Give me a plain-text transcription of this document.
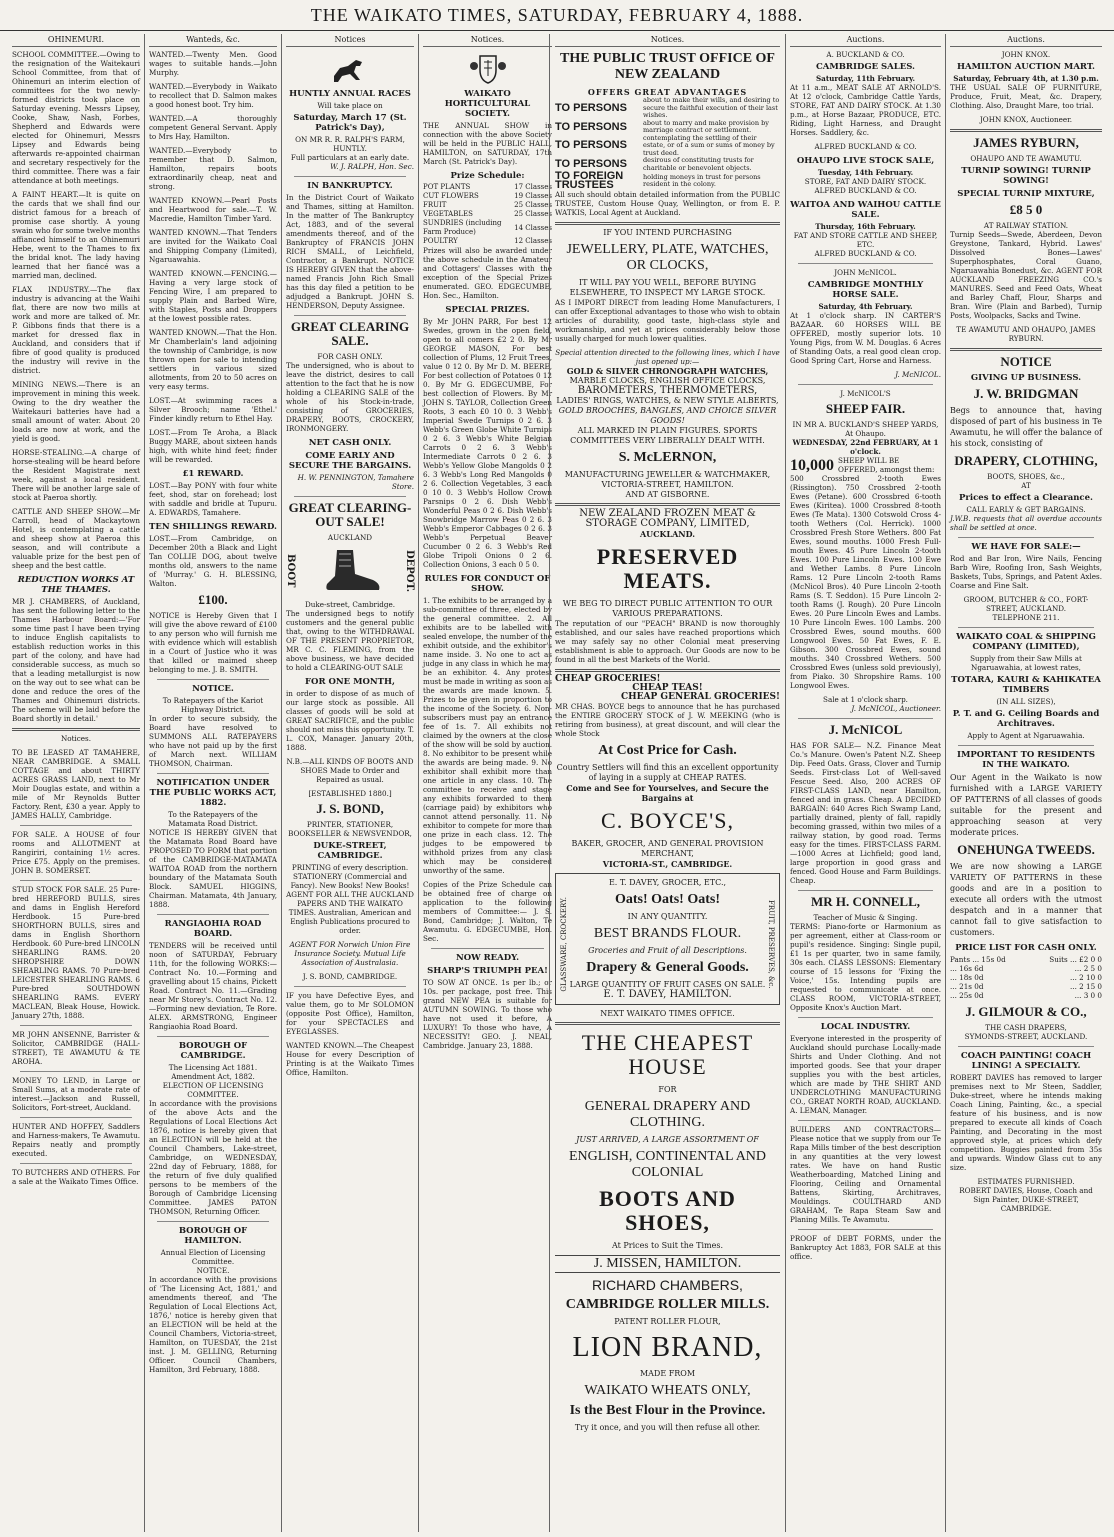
THE WAIKATO TIMES, SATURDAY, FEBRUARY 4, 1888.
OHINEMURI.
SCHOOL COMMITTEE.—Owing to the resignation of the Waitekauri School Committee, from that of Ohinemuri an interim election of committees for the two newly-formed districts took place on Saturday evening. Messrs Lipsey, Cooke, Shaw, Nash, Forbes, Shepherd and Edwards were elected for Ohinemuri, Messrs Lipsey and Edwards being afterwards re-appointed chairman and secretary respectively for the third committee. There was a fair attendance at both meetings.
A FAINT HEART.—It is quite on the cards that we shall find our district famous for a breach of promise case shortly. A young swain who for some twelve months affianced himself to an Ohinemuri Hebe, went to the Thames to fix the bridal knot. The lady having learned that her fiancé was a married man, declined.
FLAX INDUSTRY.—The flax industry is advancing at the Waihi flat, there are now two mills at work and more are talked of. Mr. P. Gibbons finds that there is a market for dressed flax in Auckland, and considers that if fibre of good quality is produced the industry will revive in the district.
MINING NEWS.—There is an improvement in mining this week. Owing to the dry weather the Waitekauri batteries have had a small amount of water. About 20 loads are now at work, and the yield is good.
HORSE-STEALING.—A charge of horse-stealing will be heard before the Resident Magistrate next week, against a local resident. There will be another large sale of stock at Paeroa shortly.
CATTLE AND SHEEP SHOW.—Mr Carroll, head of Mackaytown Hotel, is contemplating a cattle and sheep show at Paeroa this season, and will contribute a valuable prize for the best pen of sheep and the best cattle.
REDUCTION WORKS AT THE THAMES.
MR J. CHAMBERS, of Auckland, has sent the following letter to the Thames Harbour Board:—'For some time past I have been trying to induce English capitalists to establish reduction works in this part of the colony, and have had considerable success, as much so that a leading metallurgist is now on the way out to see what can be done and reduce the ores of the Thames and Ohinemuri districts. The scheme will be laid before the Board shortly in detail.'
Notices.
TO BE LEASED AT TAMAHERE, NEAR CAMBRIDGE. A SMALL COTTAGE and about THIRTY ACRES GRASS LAND, next to Mr Moir Douglas estate, and within a mile of Mr Reynolds Butter Factory. Rent, £30 a year. Apply to JAMES HALLY, Cambridge.
FOR SALE. A HOUSE of four rooms and ALLOTMENT at Rangiriri, containing 1½ acres. Price £75. Apply on the premises. JOHN B. SOMERSET.
STUD STOCK FOR SALE. 25 Pure-bred HEREFORD BULLS, sires and dams in English Hereford Herdbook. 15 Pure-bred SHORTHORN BULLS, sires and dams in English Shorthorn Herdbook. 60 Pure-bred LINCOLN SHEARLING RAMS. 20 SHROPSHIRE DOWN SHEARLING RAMS. 70 Pure-bred LEICESTER SHEARLING RAMS. 6 Pure-bred SOUTHDOWN SHEARLING RAMS. EVERY MACLEAN, Bleak House, Howick. January 27th, 1888.
MR JOHN ANSENNE, Barrister & Solicitor, CAMBRIDGE (HALL-STREET), TE AWAMUTU & TE AROHA.
MONEY TO LEND, in Large or Small Sums, at a moderate rate of interest.—Jackson and Russell, Solicitors, Fort-street, Auckland.
HUNTER AND HOFFEY, Saddlers and Harness-makers, Te Awamutu. Repairs neatly and promptly executed.
TO BUTCHERS AND OTHERS. For a sale at the Waikato Times Office.
Wanteds, &c.
WANTED.—Twenty Men. Good wages to suitable hands.—John Murphy.
WANTED.—Everybody in Waikato to recollect that D. Salmon makes a good honest boot. Try him.
WANTED.—A thoroughly competent General Servant. Apply to Mrs Hay, Hamilton.
WANTED.—Everybody to remember that D. Salmon, Hamilton, repairs boots extraordinarily cheap, neat and strong.
WANTED KNOWN.—Pearl Posts and Heartwood for sale.—T. W. Macredie, Hamilton Timber Yard.
WANTED KNOWN.—That Tenders are invited for the Waikato Coal and Shipping Company (Limited), Ngaruawahia.
WANTED KNOWN.—FENCING.—Having a very large stock of Fencing Wire, I am prepared to supply Plain and Barbed Wire, with Staples, Posts and Droppers at the lowest possible rates.
WANTED KNOWN.—That the Hon. Mr Chamberlain's land adjoining the township of Cambridge, is now thrown open for sale to intending settlers in various sized allotments, from 20 to 50 acres on very easy terms.
LOST.—At swimming races a Silver Brooch; name 'Ethel.' Finder kindly return to Ethel Hay.
LOST.—From Te Aroha, a Black Buggy MARE, about sixteen hands high, with white hind feet; finder will be rewarded.
£1 REWARD.
LOST.—Bay PONY with four white feet, shod, star on forehead; lost with saddle and bridle at Tupuru. A. EDWARDS, Tamahere.
TEN SHILLINGS REWARD.
LOST.—From Cambridge, on December 20th a Black and Light Tan COLLIE DOG, about twelve months old, answers to the name of 'Murray.' G. H. BLESSING, Walton.
£100.
NOTICE is Hereby Given that I will give the above reward of £100 to any person who will furnish me with evidence which will establish in a Court of Justice who it was that killed or maimed sheep belonging to me. J. B. SMITH.
NOTICE.
To Ratepayers of the Kariot Highway District.
In order to secure subsidy, the Board have resolved to SUMMONS ALL RATEPAYERS who have not paid up by the first of March next. WILLIAM THOMSON, Chairman.
NOTIFICATION UNDER THE PUBLIC WORKS ACT, 1882.
To the Ratepayers of the Matamata Road District.
NOTICE IS HEREBY GIVEN that the Matamata Road Board have PROPOSED TO FORM that portion of the CAMBRIDGE-MATAMATA WAITOA ROAD from the northern boundary of the Matamata South Block. SAMUEL HIGGINS, Chairman. Matamata, 4th January, 1888.
RANGIAOHIA ROAD BOARD.
TENDERS will be received until noon of SATURDAY, February 11th, for the following WORKS:— Contract No. 10.—Forming and gravelling about 15 chains, Pickett Road. Contract No. 11.—Grading near Mr Storey's. Contract No. 12.—Forming new deviation, Te Rore. ALEX. ARMSTRONG, Engineer Rangiaohia Road Board.
BOROUGH OF CAMBRIDGE.
The Licensing Act 1881. Amendment Act, 1882.
ELECTION OF LICENSING COMMITTEE.
In accordance with the provisions of the above Acts and the Regulations of Local Elections Act 1876, notice is hereby given that an ELECTION will be held at the Council Chambers, Lake-street, Cambridge, on WEDNESDAY, 22nd day of February, 1888, for the return of five duly qualified persons to be members of the Borough of Cambridge Licensing Committee. JAMES PATON THOMSON, Returning Officer.
BOROUGH OF HAMILTON.
Annual Election of Licensing Committee.
NOTICE.
In accordance with the provisions of 'The Licensing Act, 1881,' and amendments thereof, and 'The Regulation of Local Elections Act, 1876,' notice is hereby given that an ELECTION will be held at the Council Chambers, Victoria-street, Hamilton, on TUESDAY, the 21st inst. J. M. GELLING, Returning Officer. Council Chambers, Hamilton, 3rd February, 1888.
Notices
HUNTLY ANNUAL RACES
Will take place on
Saturday, March 17 (St. Patrick's Day),
ON MR R. R. RALPH'S FARM, HUNTLY.
Full particulars at an early date.
W. J. RALPH, Hon. Sec.
IN BANKRUPTCY.
In the District Court of Waikato and Thames, sitting at Hamilton. In the matter of The Bankruptcy Act, 1883, and of the several amendments thereof, and of the Bankruptcy of FRANCIS JOHN RICH SMALL, of Leichfield, Contractor, a Bankrupt. NOTICE IS HEREBY GIVEN that the above-named Francis John Rich Small has this day filed a petition to be adjudged a Bankrupt. JOHN S. HENDERSON, Deputy Assignee.
GREAT CLEARING SALE.
FOR CASH ONLY.
The undersigned, who is about to leave the district, desires to call attention to the fact that he is now holding a CLEARING SALE of the whole of his Stock-in-trade, consisting of GROCERIES, DRAPERY, BOOTS, CROCKERY, IRONMONGERY.
NET CASH ONLY.
COME EARLY AND SECURE THE BARGAINS.
H. W. PENNINGTON, Tamahere Store.
GREAT CLEARING-OUT SALE!
AUCKLAND
BOOT	DEPOT.
Duke-street, Cambridge.
The undersigned begs to notify customers and the general public that, owing to the WITHDRAWAL OF THE PRESENT PROPRIETOR, MR C. C. FLEMING, from the above business, we have decided to hold a CLEARING-OUT SALE
FOR ONE MONTH,
in order to dispose of as much of our large stock as possible. All classes of goods will be sold at GREAT SACRIFICE, and the public should not miss this opportunity. T. L. COX, Manager. January 20th, 1888.
N.B.—ALL KINDS OF BOOTS AND SHOES Made to Order and Repaired as usual.
[ESTABLISHED 1880.]
J. S. BOND,
PRINTER, STATIONER, BOOKSELLER & NEWSVENDOR,
DUKE-STREET, CAMBRIDGE.
PRINTING of every description. STATIONERY (Commercial and Fancy). New Books! New Books! AGENT FOR ALL THE AUCKLAND PAPERS AND THE WAIKATO TIMES. Australian, American and English Publications procured to order.
AGENT FOR Norwich Union Fire Insurance Society. Mutual Life Association of Australasia.
J. S. BOND, CAMBRIDGE.
IF you have Defective Eyes, and value them, go to Mr SOLOMON (opposite Post Office), Hamilton, for your SPECTACLES and EYEGLASSES.
WANTED KNOWN.—The Cheapest House for every Description of Printing is at the Waikato Times Office, Hamilton.
Notices.
WAIKATO HORTICULTURAL SOCIETY.
THE ANNUAL SHOW in connection with the above Society will be held in the PUBLIC HALL, HAMILTON, on SATURDAY, 17th March (St. Patrick's Day).
Prize Schedule:
POT PLANTS	17 Classes
CUT FLOWERS	19 Classes
FRUIT	25 Classes
VEGETABLES	25 Classes
SUNDRIES (including Farm Produce)	14 Classes
POULTRY	12 Classes
Prizes will also be awarded under the above schedule in the Amateur and Cottagers' Classes with the exception of the Special Prizes enumerated. GEO. EDGECUMBE, Hon. Sec., Hamilton.
SPECIAL PRIZES.
By Mr JOHN PARR, For best 12 Swedes, grown in the open field, open to all comers £2 2 0. By Mr GEORGE MASON, For best collection of Plums, 12 Fruit Trees, value 0 12 0. By Mr D. M. BEERE, For best collection of Potatoes 0 12 0. By Mr G. EDGECUMBE, For best collection of Flowers. By Mr JOHN S. TAYLOR, Collection Green Roots, 3 each £0 10 0. 3 Webb's Imperial Swede Turnips 0 2 6. 3 Webb's Green Globe White Turnips 0 2 6. 3 Webb's White Belgian Carrots 0 2 6. 3 Webb's Intermediate Carrots 0 2 6. 3 Webb's Yellow Globe Mangolds 0 2 6. 3 Webb's Long Red Mangolds 0 2 6. Collection Vegetables, 3 each 0 10 0. 3 Webb's Hollow Crown Parsnips 0 2 6. Dish Webb's Wonderful Peas 0 2 6. Dish Webb's Snowbridge Marrow Peas 0 2 6. 3 Webb's Emperor Cabbages 0 2 6. 3 Webb's Perpetual Beaver Cucumber 0 2 6. 3 Webb's Red Globe Tripoli Onions 0 2 6. Collection Onions, 3 each 0 5 0.
RULES FOR CONDUCT OF SHOW.
1. The exhibits to be arranged by a sub-committee of three, elected by the general committee. 2. All exhibits are to be labelled with sealed envelope, the number of the exhibit outside, and the exhibitor's name inside. 3. No one to act as judge in any class in which he may be an exhibitor. 4. Any protest must be made in writing as soon as the awards are made known. 5. Prizes to be given in proportion to the income of the Society. 6. Non-subscribers must pay an entrance fee of 1s. 7. All exhibits not claimed by the owners at the close of the show will be sold by auction. 8. No exhibitor to be present while the awards are being made. 9. No exhibitor shall exhibit more than one article in any class. 10. The committee to receive and stage any exhibits forwarded to them (carriage paid) by exhibitors who cannot attend personally. 11. No exhibitor to compete for more than one prize in each class. 12. The judges to be empowered to withhold prizes from any class which may be considered unworthy of the same.
Copies of the Prize Schedule can be obtained free of charge on application to the following members of Committee:— J. S. Bond, Cambridge; J. Walton, Te Awamutu. G. EDGECUMBE, Hon. Sec.
NOW READY.
SHARP'S TRIUMPH PEA!
TO SOW AT ONCE. 1s per lb.; or 10s. per package, post free. This grand NEW PEA is suitable for AUTUMN SOWING. To those who have not used it before, A LUXURY! To those who have, A NECESSITY! GEO. J. NEAL, Cambridge. January 23, 1888.
Notices.
THE PUBLIC TRUST OFFICE OF NEW ZEALAND
OFFERS GREAT ADVANTAGES
TO PERSONS
about to make their wills, and desiring to secure the faithful execution of their last wishes.
TO PERSONS	about to marry and make provision by marriage contract or settlement.
TO PERSONS
contemplating the settling of their estate, or of a sum or sums of money by trust deed.
TO PERSONS	desirous of constituting trusts for charitable or benevolent objects.
TO FOREIGN TRUSTEES
holding moneys in trust for persons resident in the colony.
All such should obtain detailed information from the PUBLIC TRUSTEE, Custom House Quay, Wellington, or from E. P. WATKIS, Local Agent at Auckland.
IF YOU INTEND PURCHASING
JEWELLERY, PLATE, WATCHES, OR CLOCKS,
IT WILL PAY YOU WELL, BEFORE BUYING ELSEWHERE, TO INSPECT MY LARGE STOCK.
AS I IMPORT DIRECT from leading Home Manufacturers, I can offer Exceptional advantages to those who wish to obtain articles of durability, good taste, high-class style and workmanship, and yet at prices considerably below those usually charged for much lower qualities.
Special attention directed to the following lines, which I have just opened up:—
GOLD & SILVER CHRONOGRAPH WATCHES,
MARBLE CLOCKS, ENGLISH OFFICE CLOCKS,
BAROMETERS, THERMOMETERS,
LADIES' RINGS, WATCHES, & NEW STYLE ALBERTS,
GOLD BROOCHES, BANGLES, AND CHOICE SILVER GOODS!
ALL MARKED IN PLAIN FIGURES. SPORTS COMMITTEES VERY LIBERALLY DEALT WITH.
S. McLERNON,
MANUFACTURING JEWELLER & WATCHMAKER,
VICTORIA-STREET, HAMILTON.
AND AT GISBORNE.
NEW ZEALAND FROZEN MEAT & STORAGE COMPANY, LIMITED,
AUCKLAND.
PRESERVED MEATS.
WE BEG TO DIRECT PUBLIC ATTENTION TO OUR VARIOUS PREPARATIONS.
The reputation of our "PEACH" BRAND is now thoroughly established, and our sales have reached proportions which we may safely say no other Colonial meat preserving establishment is able to approach. Our Goods are now to be found in all the best Markets of the World.
CHEAP GROCERIES!
CHEAP TEAS!
CHEAP GENERAL GROCERIES!
MR CHAS. BOYCE begs to announce that he has purchased the ENTIRE GROCERY STOCK of J. W. MEEKING (who is retiring from business), at great discount, and will clear the whole Stock
At Cost Price for Cash.
Country Settlers will find this an excellent opportunity of laying in a supply at CHEAP RATES.
Come and See for Yourselves, and Secure the Bargains at
C. BOYCE'S,
BAKER, GROCER, AND GENERAL PROVISION MERCHANT,
VICTORIA-ST., CAMBRIDGE.
E. T. DAVEY, GROCER, ETC.,
GLASSWARE, CROCKERY.	Oats! Oats! Oats!
IN ANY QUANTITY.
BEST BRANDS FLOUR.
Groceries and Fruit of all Descriptions.
Drapery & General Goods.
LARGE QUANTITY OF FRUIT CASES ON SALE.
E. T. DAVEY, HAMILTON.
FRUIT, PRESERVES, &c.
NEXT WAIKATO TIMES OFFICE.
THE CHEAPEST HOUSE
FOR
GENERAL DRAPERY AND CLOTHING.
JUST ARRIVED, A LARGE ASSORTMENT OF
ENGLISH, CONTINENTAL AND COLONIAL
BOOTS AND SHOES,
At Prices to Suit the Times.
J. MISSEN, HAMILTON.
RICHARD CHAMBERS,
CAMBRIDGE ROLLER MILLS.
PATENT ROLLER FLOUR,
LION BRAND,
MADE FROM
WAIKATO WHEATS ONLY,
Is the Best Flour in the Province.
Try it once, and you will then refuse all other.
Auctions.
A. BUCKLAND & CO.
CAMBRIDGE SALES.
Saturday, 11th February.
At 11 a.m., MEAT SALE AT ARNOLD'S. At 12 o'clock, Cambridge Cattle Yards, STORE, FAT AND DAIRY STOCK. At 1.30 p.m., at Horse Bazaar, PRODUCE, ETC. Riding, Light Harness, and Draught Horses. Saddlery, &c.
ALFRED BUCKLAND & CO.
OHAUPO LIVE STOCK SALE,
Tuesday, 14th February.
STORE, FAT AND DAIRY STOCK.
ALFRED BUCKLAND & CO.
WAITOA AND WAIHOU CATTLE SALE.
Thursday, 16th February.
FAT AND STORE CATTLE AND SHEEP, ETC.
ALFRED BUCKLAND & CO.
JOHN McNICOL.
CAMBRIDGE MONTHLY HORSE SALE.
Saturday, 4th February.
At 1 o'clock sharp. IN CARTER'S BAZAAR. 60 HORSES WILL BE OFFERED, mostly superior lots. 10 Young Pigs, from W. M. Douglas. 6 Acres of Standing Oats, a real good clean crop. Good Spring Cart, Horse and Harness.
J. McNICOL.
J. McNICOL'S
SHEEP FAIR.
IN MR A. BUCKLAND'S SHEEP YARDS, At Ohaupo.
WEDNESDAY, 22nd FEBRUARY, At 1 o'clock.
10,000 SHEEP WILL BE OFFERED, amongst them:
500 Crossbred 2-tooth Ewes (Rissington). 750 Crossbred 2-tooth Ewes (Petane). 600 Crossbred 6-tooth Ewes (Kiritea). 1000 Crossbred 8-tooth Ewes (Te Mata). 1300 Cotswold Cross 4-tooth Wethers (Col. Herrick). 1000 Crossbred Fresh Store Wethers. 800 Fat Ewes, sound mouths. 1000 Fresh Full-mouth Ewes. 45 Pure Lincoln 2-tooth Ewes. 100 Pure Lincoln Ewes. 100 Ewe and Wether Lambs. 8 Pure Lincoln Rams. 12 Pure Lincoln 2-tooth Rams (McNicol Bros). 40 Pure Lincoln 2-tooth Rams (S. T. Seddon). 15 Pure Lincoln 2-tooth Rams (J. Rough). 20 Pure Lincoln Ewes. 20 Pure Lincoln Ewes and Lambs. 10 Pure Lincoln Ewes. 100 Lambs. 200 Crossbred Ewes, sound mouths. 600 Longwool Ewes. 50 Fat Ewes, F. E. Gibson. 300 Crossbred Ewes, sound mouths. 340 Crossbred Wethers. 500 Crossbred Ewes (unless sold previously), from Piako. 30 Shropshire Rams. 100 Longwool Ewes.
Sale at 1 o'clock sharp.
J. McNICOL, Auctioneer.
J. McNICOL
HAS FOR SALE— N.Z. Finance Meat Co.'s Manure. Owen's Patent N.Z. Sheep Dip. Feed Oats. Grass, Clover and Turnip Seeds. First-class Lot of Well-saved Fescue Seed. Also, 200 ACRES OF FIRST-CLASS LAND, near Hamilton, fenced and in grass. Cheap. A DECIDED BARGAIN: 640 Acres Rich Swamp Land, partially drained, plenty of fall, rapidly becoming grassed, within two miles of a railway station, by good road. Terms easy for the times. FIRST-CLASS FARM.—1000 Acres at Lichfield; good land, large proportion in good grass and fenced. Good House and Farm Buildings. Cheap.
MR H. CONNELL,
Teacher of Music & Singing.
TERMS: Piano-forte or Harmonium as per agreement, either at Class-room or pupil's residence. Singing: Single pupil, £1 1s per quarter, two in same family, 30s each. CLASS LESSONS: Elementary course of 15 lessons for 'Fixing the Voice,' 15s. Intending pupils are requested to communicate at once. CLASS ROOM, VICTORIA-STREET, Opposite Knox's Auction Mart.
LOCAL INDUSTRY.
Everyone interested in the prosperity of Auckland should purchase Locally-made Shirts and Under Clothing. And not imported goods. See that your draper supplies you with the best articles, which are made by THE SHIRT AND UNDERCLOTHING MANUFACTURING CO., GREAT NORTH ROAD, AUCKLAND. A. LEMAN, Manager.
BUILDERS AND CONTRACTORS—Please notice that we supply from our Te Rapa Mills timber of the best description in any quantities at the very lowest rates. We have on hand Rustic Weatherboarding, Matched Lining and Flooring, Ceiling and Ornamental Battens, Skirting, Architraves, Mouldings. COULTHARD AND GRAHAM, Te Rapa Steam Saw and Planing Mills. Te Awamutu.
PROOF of DEBT FORMS, under the Bankruptcy Act 1883, FOR SALE at this office.
Auctions.
JOHN KNOX.
HAMILTON AUCTION MART.
Saturday, February 4th, at 1.30 p.m.
THE USUAL SALE OF FURNITURE, Produce, Fruit, Meat, &c. Drapery, Clothing. Also, Draught Mare, too trial.
JOHN KNOX, Auctioneer.
JAMES RYBURN,
OHAUPO AND TE AWAMUTU.
TURNIP SOWING! TURNIP SOWING!
SPECIAL TURNIP MIXTURE,
£8 5 0
AT RAILWAY STATION.
Turnip Seeds—Swede, Aberdeen, Devon Greystone, Tankard, Hybrid. Lawes' Dissolved Bones—Lawes' Superphosphates, Coral Guano, Ngaruawahia Bonedust, &c. AGENT FOR AUCKLAND FREEZING CO.'s MANURES. Seed and Feed Oats, Wheat and Barley Chaff, Flour, Sharps and Bran. Wire (Plain and Barbed), Turnip Posts, Woolpacks, Sacks and Twine.
TE AWAMUTU AND OHAUPO, JAMES RYBURN.
NOTICE
GIVING UP BUSINESS.
J. W. BRIDGMAN
Begs to announce that, having disposed of part of his business in Te Awamutu, he will offer the balance of his stock, consisting of
DRAPERY, CLOTHING,
BOOTS, SHOES, &c.,
AT
Prices to effect a Clearance.
CALL EARLY & GET BARGAINS.
J.W.B. requests that all overdue accounts shall be settled at once.
WE HAVE FOR SALE:—
Rod and Bar Iron, Wire Nails, Fencing Barb Wire, Roofing Iron, Sash Weights, Baskets, Tubs, Springs, and Patent Axles. Coarse and Fine Salt.
GROOM, BUTCHER & CO., FORT-STREET, AUCKLAND.
TELEPHONE 211.
WAIKATO COAL & SHIPPING COMPANY (LIMITED),
Supply from their Saw Mills at Ngaruawahia, at lowest rates,
TOTARA, KAURI & KAHIKATEA TIMBERS
(IN ALL SIZES),
P. T. and G. Ceiling Boards and Architraves.
Apply to Agent at Ngaruawahia.
IMPORTANT TO RESIDENTS IN THE WAIKATO.
Our Agent in the Waikato is now furnished with a LARGE VARIETY OF PATTERNS of all classes of goods suitable for the present and approaching season at very moderate prices.
ONEHUNGA TWEEDS.
We are now showing a LARGE VARIETY OF PATTERNS in these goods and are in a position to execute all orders with the utmost despatch and in a manner that cannot fail to give satisfaction to customers.
PRICE LIST FOR CASH ONLY.
Pants ... 15s 0d	Suits ... £2 0 0
... 16s 6d	... 2 5 0
... 18s 0d	... 2 10 0
... 21s 0d	... 2 15 0
... 25s 0d	... 3 0 0
J. GILMOUR & CO.,
THE CASH DRAPERS,
SYMONDS-STREET, AUCKLAND.
COACH PAINTING! COACH LINING! A SPECIALTY.
ROBERT DAVIES has removed to larger premises next to Mr Steen, Saddler, Duke-street, where he intends making Coach Lining, Painting, &c., a special feature of his business, and is now prepared to execute all kinds of Coach Painting, and Decorating in the most approved style, at prices which defy competition. Buggies painted from 35s and upwards. Window Glass cut to any size.
ESTIMATES FURNISHED.
ROBERT DAVIES, House, Coach and Sign Painter, DUKE-STREET, CAMBRIDGE.
